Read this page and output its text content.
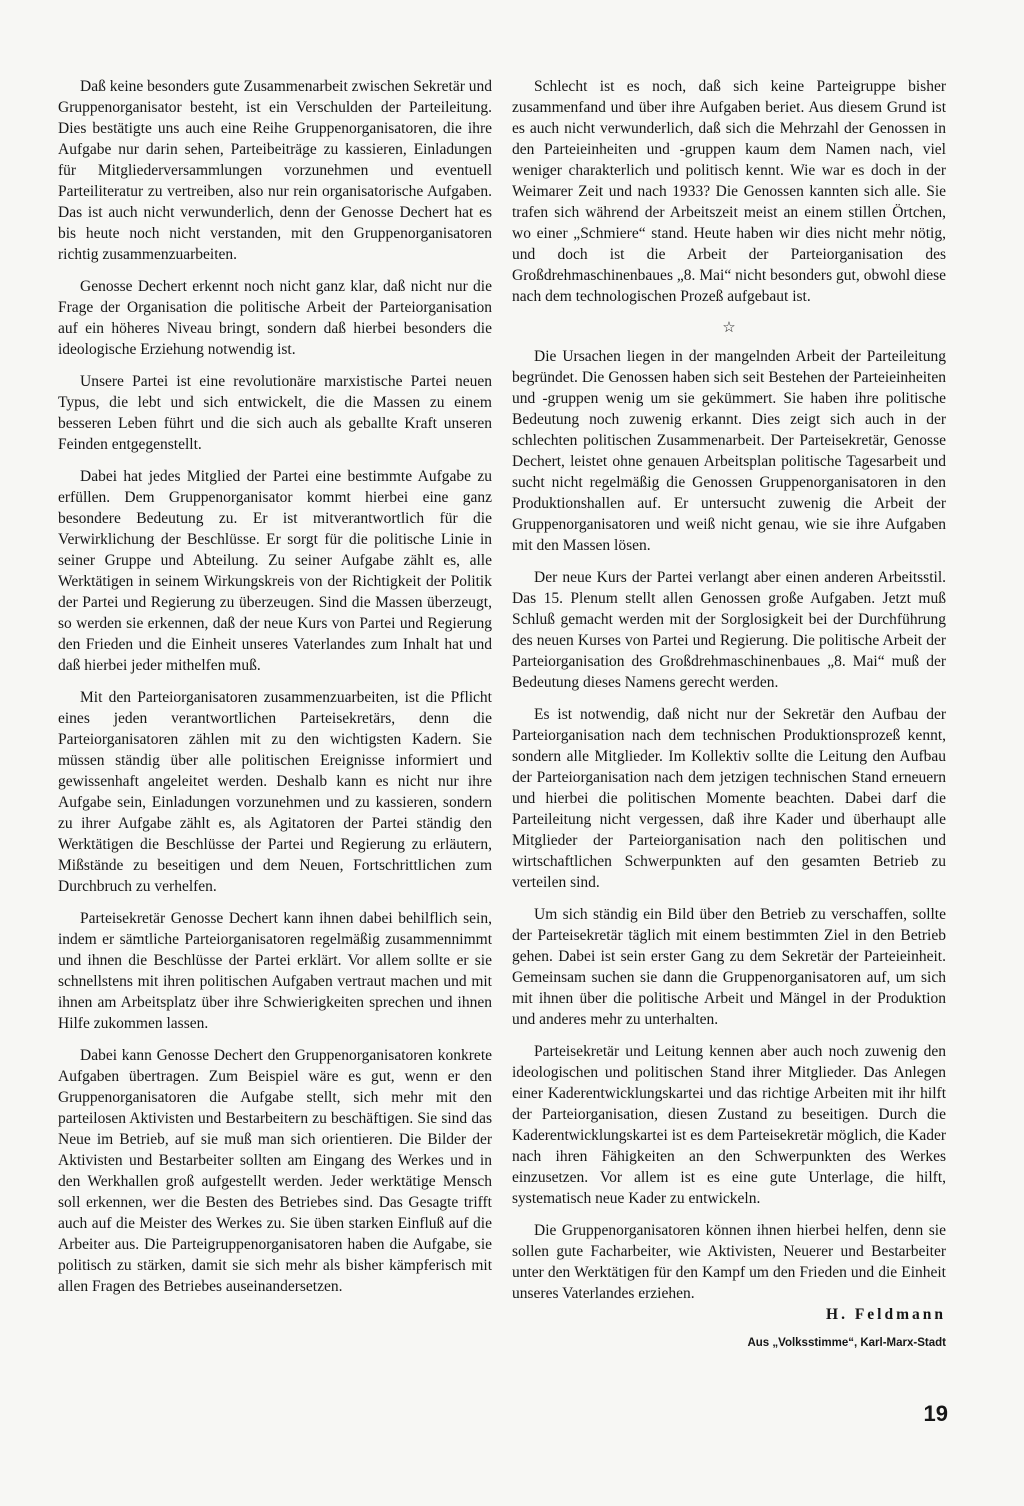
Daß keine besonders gute Zusammenarbeit zwischen Sekretär und Gruppenorganisator besteht, ist ein Verschulden der Parteileitung. Dies bestätigte uns auch eine Reihe Gruppenorganisatoren, die ihre Aufgabe nur darin sehen, Parteibeiträge zu kassieren, Einladungen für Mitgliederversammlungen vorzunehmen und eventuell Parteiliteratur zu vertreiben, also nur rein organisatorische Aufgaben. Das ist auch nicht verwunderlich, denn der Genosse Dechert hat es bis heute noch nicht verstanden, mit den Gruppenorganisatoren richtig zusammenzuarbeiten.

Genosse Dechert erkennt noch nicht ganz klar, daß nicht nur die Frage der Organisation die politische Arbeit der Parteiorganisation auf ein höheres Niveau bringt, sondern daß hierbei besonders die ideologische Erziehung notwendig ist.

Unsere Partei ist eine revolutionäre marxistische Partei neuen Typus, die lebt und sich entwickelt, die die Massen zu einem besseren Leben führt und die sich auch als geballte Kraft unseren Feinden entgegenstellt.

Dabei hat jedes Mitglied der Partei eine bestimmte Aufgabe zu erfüllen. Dem Gruppenorganisator kommt hierbei eine ganz besondere Bedeutung zu. Er ist mitverantwortlich für die Verwirklichung der Beschlüsse. Er sorgt für die politische Linie in seiner Gruppe und Abteilung. Zu seiner Aufgabe zählt es, alle Werktätigen in seinem Wirkungskreis von der Richtigkeit der Politik der Partei und Regierung zu überzeugen. Sind die Massen überzeugt, so werden sie erkennen, daß der neue Kurs von Partei und Regierung den Frieden und die Einheit unseres Vaterlandes zum Inhalt hat und daß hierbei jeder mithelfen muß.

Mit den Parteiorganisatoren zusammenzuarbeiten, ist die Pflicht eines jeden verantwortlichen Parteisekretärs, denn die Parteiorganisatoren zählen mit zu den wichtigsten Kadern. Sie müssen ständig über alle politischen Ereignisse informiert und gewissenhaft angeleitet werden. Deshalb kann es nicht nur ihre Aufgabe sein, Einladungen vorzunehmen und zu kassieren, sondern zu ihrer Aufgabe zählt es, als Agitatoren der Partei ständig den Werktätigen die Beschlüsse der Partei und Regierung zu erläutern, Mißstände zu beseitigen und dem Neuen, Fortschrittlichen zum Durchbruch zu verhelfen.

Parteisekretär Genosse Dechert kann ihnen dabei behilflich sein, indem er sämtliche Parteiorganisatoren regelmäßig zusammennimmt und ihnen die Beschlüsse der Partei erklärt. Vor allem sollte er sie schnellstens mit ihren politischen Aufgaben vertraut machen und mit ihnen am Arbeitsplatz über ihre Schwierigkeiten sprechen und ihnen Hilfe zukommen lassen.

Dabei kann Genosse Dechert den Gruppenorganisatoren konkrete Aufgaben übertragen. Zum Beispiel wäre es gut, wenn er den Gruppenorganisatoren die Aufgabe stellt, sich mehr mit den parteilosen Aktivisten und Bestarbeitern zu beschäftigen. Sie sind das Neue im Betrieb, auf sie muß man sich orientieren. Die Bilder der Aktivisten und Bestarbeiter sollten am Eingang des Werkes und in den Werkhallen groß aufgestellt werden. Jeder werktätige Mensch soll erkennen, wer die Besten des Betriebes sind. Das Gesagte trifft auch auf die Meister des Werkes zu. Sie üben starken Einfluß auf die Arbeiter aus. Die Parteigruppenorganisatoren haben die Aufgabe, sie politisch zu stärken, damit sie sich mehr als bisher kämpferisch mit allen Fragen des Betriebes auseinandersetzen.

Schlecht ist es noch, daß sich keine Parteigruppe bisher zusammenfand und über ihre Aufgaben beriet. Aus diesem Grund ist es auch nicht verwunderlich, daß sich die Mehrzahl der Genossen in den Parteieinheiten und -gruppen kaum dem Namen nach, viel weniger charakterlich und politisch kennt. Wie war es doch in der Weimarer Zeit und nach 1933? Die Genossen kannten sich alle. Sie trafen sich während der Arbeitszeit meist an einem stillen Örtchen, wo einer „Schmiere“ stand. Heute haben wir dies nicht mehr nötig, und doch ist die Arbeit der Parteiorganisation des Großdrehmaschinenbaues „8. Mai“ nicht besonders gut, obwohl diese nach dem technologischen Prozeß aufgebaut ist.

☆

Die Ursachen liegen in der mangelnden Arbeit der Parteileitung begründet. Die Genossen haben sich seit Bestehen der Parteieinheiten und -gruppen wenig um sie gekümmert. Sie haben ihre politische Bedeutung noch zuwenig erkannt. Dies zeigt sich auch in der schlechten politischen Zusammenarbeit. Der Parteisekretär, Genosse Dechert, leistet ohne genauen Arbeitsplan politische Tagesarbeit und sucht nicht regelmäßig die Genossen Gruppenorganisatoren in den Produktionshallen auf. Er untersucht zuwenig die Arbeit der Gruppenorganisatoren und weiß nicht genau, wie sie ihre Aufgaben mit den Massen lösen.

Der neue Kurs der Partei verlangt aber einen anderen Arbeitsstil. Das 15. Plenum stellt allen Genossen große Aufgaben. Jetzt muß Schluß gemacht werden mit der Sorglosigkeit bei der Durchführung des neuen Kurses von Partei und Regierung. Die politische Arbeit der Parteiorganisation des Großdrehmaschinenbaues „8. Mai“ muß der Bedeutung dieses Namens gerecht werden.

Es ist notwendig, daß nicht nur der Sekretär den Aufbau der Parteiorganisation nach dem technischen Produktionsprozeß kennt, sondern alle Mitglieder. Im Kollektiv sollte die Leitung den Aufbau der Parteiorganisation nach dem jetzigen technischen Stand erneuern und hierbei die politischen Momente beachten. Dabei darf die Parteileitung nicht vergessen, daß ihre Kader und überhaupt alle Mitglieder der Parteiorganisation nach den politischen und wirtschaftlichen Schwerpunkten auf den gesamten Betrieb zu verteilen sind.

Um sich ständig ein Bild über den Betrieb zu verschaffen, sollte der Parteisekretär täglich mit einem bestimmten Ziel in den Betrieb gehen. Dabei ist sein erster Gang zu dem Sekretär der Parteieinheit. Gemeinsam suchen sie dann die Gruppenorganisatoren auf, um sich mit ihnen über die politische Arbeit und Mängel in der Produktion und anderes mehr zu unterhalten.

Parteisekretär und Leitung kennen aber auch noch zuwenig den ideologischen und politischen Stand ihrer Mitglieder. Das Anlegen einer Kaderentwicklungskartei und das richtige Arbeiten mit ihr hilft der Parteiorganisation, diesen Zustand zu beseitigen. Durch die Kaderentwicklungskartei ist es dem Parteisekretär möglich, die Kader nach ihren Fähigkeiten an den Schwerpunkten des Werkes einzusetzen. Vor allem ist es eine gute Unterlage, die hilft, systematisch neue Kader zu entwickeln.

Die Gruppenorganisatoren können ihnen hierbei helfen, denn sie sollen gute Facharbeiter, wie Aktivisten, Neuerer und Bestarbeiter unter den Werktätigen für den Kampf um den Frieden und die Einheit unseres Vaterlandes erziehen.

H. Feldmann
Aus „Volksstimme“, Karl-Marx-Stadt
19
